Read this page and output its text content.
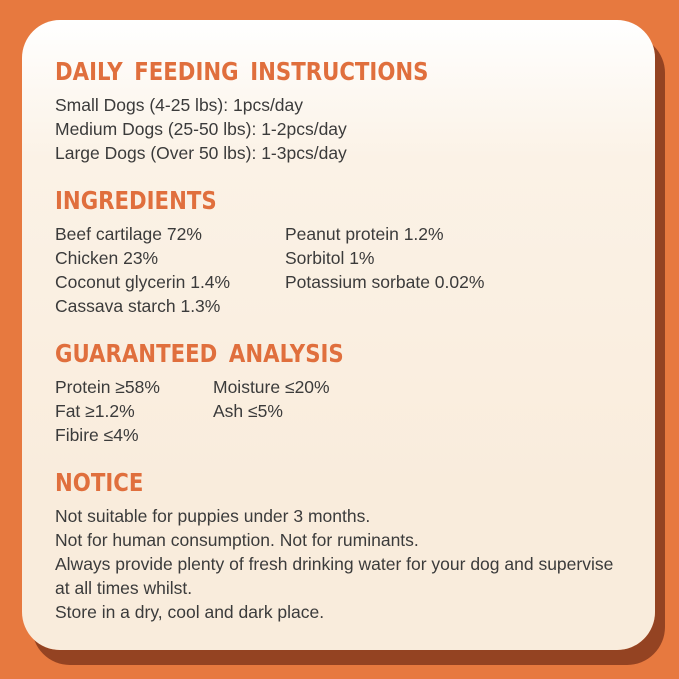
DAILY FEEDING INSTRUCTIONS
Small Dogs (4-25 lbs): 1pcs/day
Medium Dogs (25-50 lbs): 1-2pcs/day
Large Dogs (Over 50 lbs): 1-3pcs/day
INGREDIENTS
Beef cartilage 72%
Chicken 23%
Coconut glycerin 1.4%
Cassava starch 1.3%
Peanut protein 1.2%
Sorbitol 1%
Potassium sorbate 0.02%
GUARANTEED ANALYSIS
Protein ≥58%
Fat ≥1.2%
Fibire ≤4%
Moisture ≤20%
Ash ≤5%
NOTICE
Not suitable for puppies under 3 months.
Not for human consumption. Not for ruminants.
Always provide plenty of fresh drinking water for your dog and supervise
at all times whilst.
Store in a dry, cool and dark place.
